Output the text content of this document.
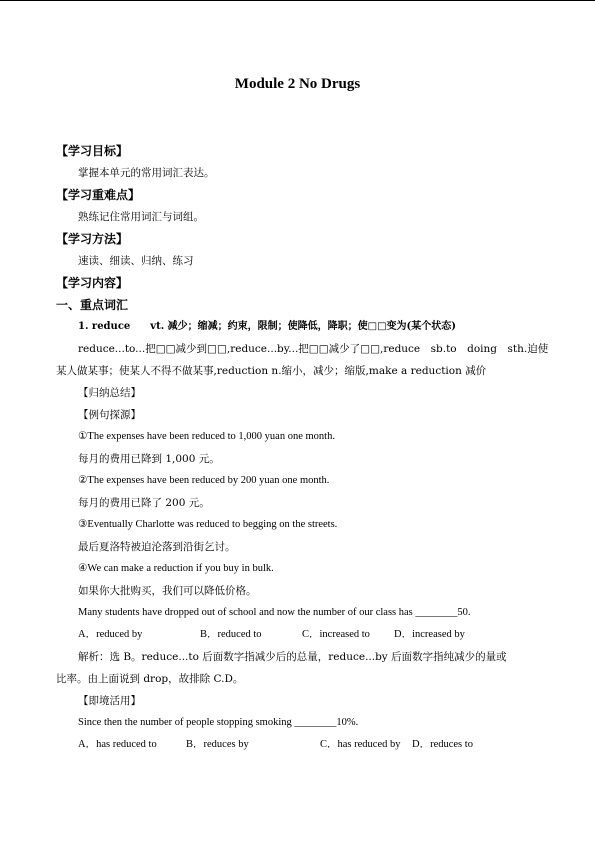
Module 2 No Drugs
【学习目标】
掌握本单元的常用词汇表达。
【学习重难点】
熟练记住常用词汇与词组。
【学习方法】
速读、细读、归纳、练习
【学习内容】
一、重点词汇
1. reduce　　vt. 减少；缩减；约束，限制；使降低，降职；使□□变为(某个状态)
reduce...to...把□□减少到□□,reduce...by...把□□减少了□□,reduce　sb.to　doing　sth.迫使
某人做某事；使某人不得不做某事,reduction n.缩小，减少；缩版,make a reduction 减价
【归纳总结】
【例句探源】
①The expenses have been reduced to 1,000 yuan one month.
每月的费用已降到 1,000 元。
②The expenses have been reduced by 200 yuan one month.
每月的费用已降了 200 元。
③Eventually Charlotte was reduced to begging on the streets.
最后夏洛特被迫沦落到沿街乞讨。
④We can make a reduction if you buy in bulk.
如果你大批购买，我们可以降低价格。
Many students have dropped out of school and now the number of our class has ________50.
A．reduced by	B．reduced to	C．increased to D．increased by
解析：选 B。reduce...to 后面数字指减少后的总量，reduce...by 后面数字指纯减少的量或
比率。由上面说到 drop，故排除 C.D。
【即境活用】
Since then the number of people stopping smoking ________10%.
A．has reduced to	B．reduces by	C．has reduced by D．reduces to
